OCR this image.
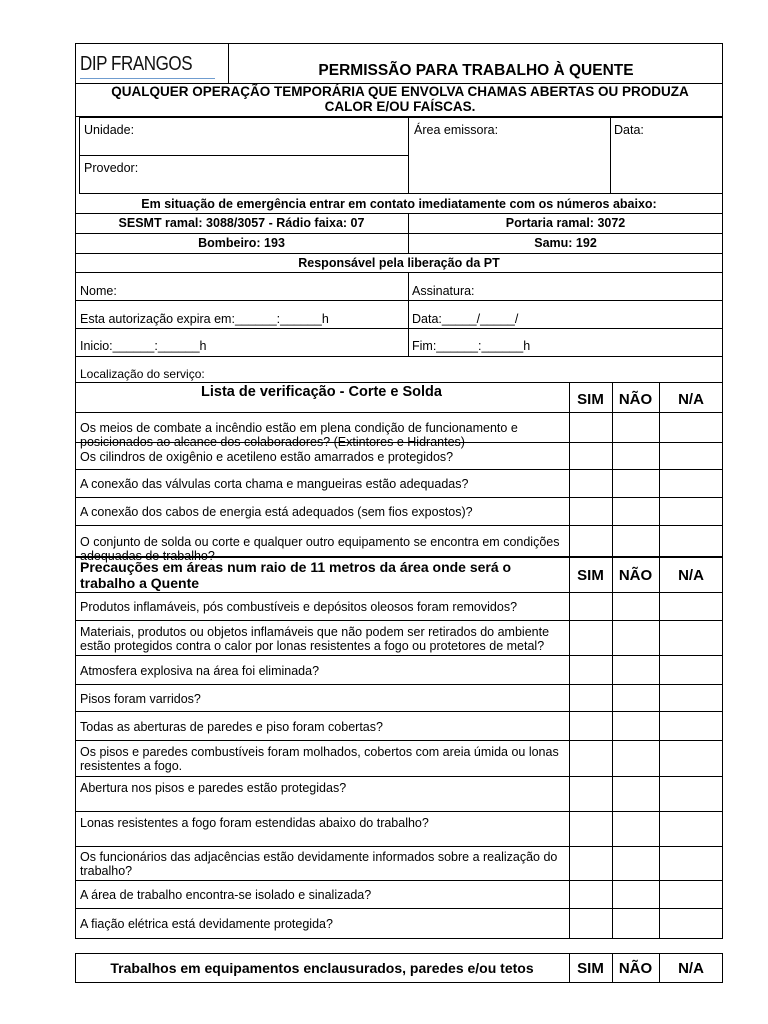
DIP FRANGOS	PERMISSÃO PARA TRABALHO À QUENTE
QUALQUER OPERAÇÃO TEMPORÁRIA QUE ENVOLVA CHAMAS ABERTAS OU PRODUZA CALOR E/OU FAÍSCAS.
Unidade:	Área emissora:	Data:
Provedor:
Em situação de emergência entrar em contato imediatamente com os números abaixo:
SESMT ramal: 3088/3057 - Rádio faixa: 07	Portaria ramal: 3072
Bombeiro: 193	Samu: 192
Responsável pela liberação da PT
Nome:	Assinatura:
Esta autorização expira em:______:______h	Data:_____/_____/
Inicio:______:______h	Fim:______:______h
Localização do serviço:
Lista de verificação - Corte e Solda	SIM	NÃO	N/A
Os meios de combate a incêndio estão em plena condição de funcionamento e posicionados ao alcance dos colaboradores? (Extintores e Hidrantes)
Os cilindros de oxigênio e acetileno estão amarrados e protegidos?
A conexão das válvulas corta chama e mangueiras estão adequadas?
A conexão dos cabos de energia está adequados (sem fios expostos)?
O conjunto de solda ou corte e qualquer outro equipamento se encontra em condições adequadas de trabalho?
Precauções em áreas num raio de 11 metros da área onde será o trabalho a Quente	SIM	NÃO	N/A
Produtos inflamáveis, pós combustíveis e depósitos oleosos foram removidos?
Materiais, produtos ou objetos inflamáveis que não podem ser retirados do ambiente estão protegidos contra o calor por lonas resistentes a fogo ou protetores de metal?
Atmosfera explosiva na área foi eliminada?
Pisos foram varridos?
Todas as aberturas de paredes e piso foram cobertas?
Os pisos e paredes combustíveis foram molhados, cobertos com areia úmida ou lonas resistentes a fogo.
Abertura nos pisos e paredes estão protegidas?
Lonas resistentes a fogo foram estendidas abaixo do trabalho?
Os funcionários das adjacências estão devidamente informados sobre a realização do trabalho?
A área de trabalho encontra-se isolado e sinalizada?
A fiação elétrica está devidamente protegida?
Trabalhos em equipamentos enclausurados, paredes e/ou tetos	SIM	NÃO	N/A
